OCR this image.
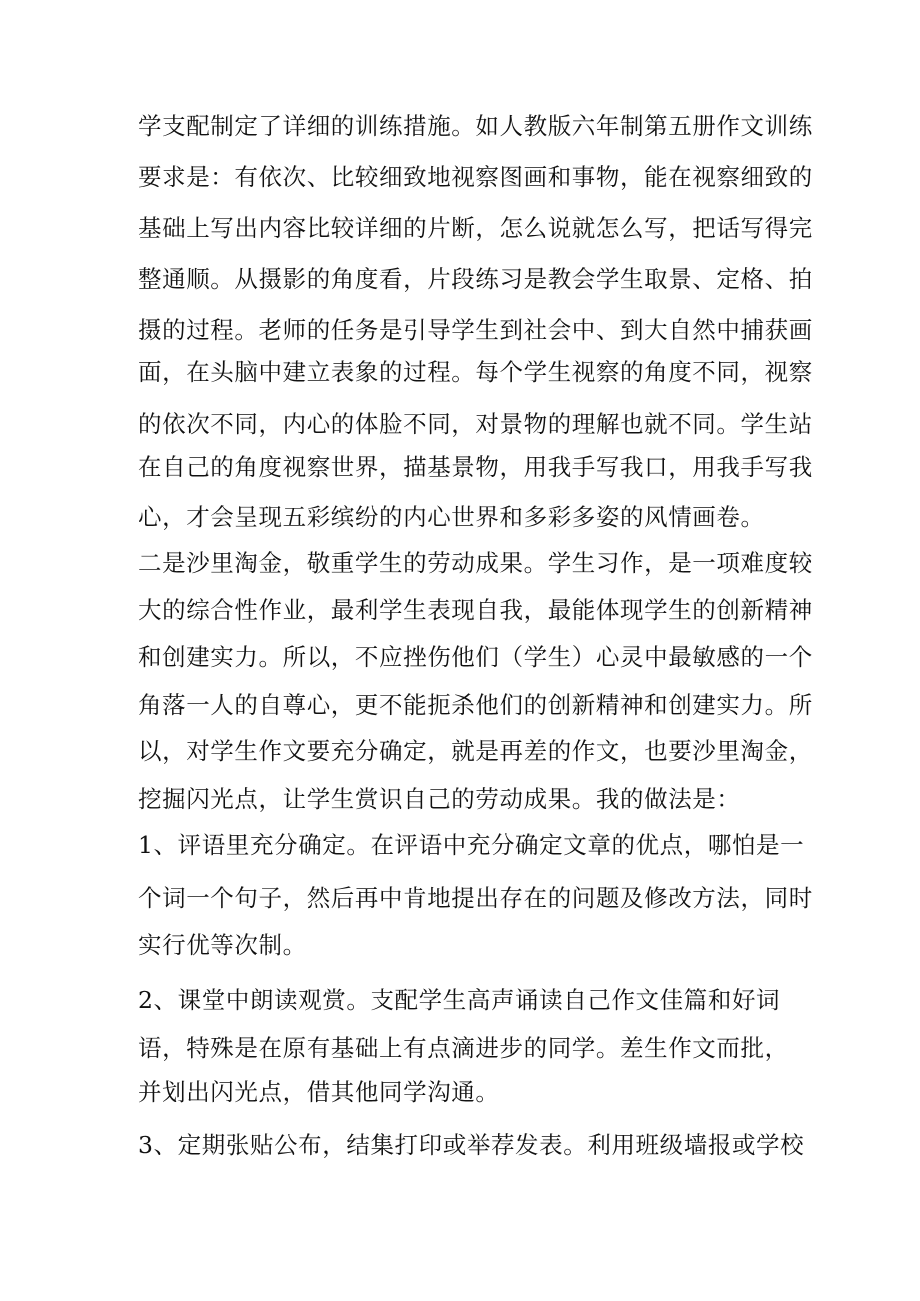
学支配制定了详细的训练措施。如人教版六年制第五册作文训练
要求是：有依次、比较细致地视察图画和事物，能在视察细致的
基础上写出内容比较详细的片断，怎么说就怎么写，把话写得完
整通顺。从摄影的角度看，片段练习是教会学生取景、定格、拍
摄的过程。老师的任务是引导学生到社会中、到大自然中捕获画
面，在头脑中建立表象的过程。每个学生视察的角度不同，视察
的依次不同，内心的体脸不同，对景物的理解也就不同。学生站
在自己的角度视察世界，描基景物，用我手写我口，用我手写我
心，才会呈现五彩缤纷的内心世界和多彩多姿的风情画卷。
二是沙里淘金，敬重学生的劳动成果。学生习作，是一项难度较
大的综合性作业，最利学生表现自我，最能体现学生的创新精神
和创建实力。所以，不应挫伤他们（学生）心灵中最敏感的一个
角落一人的自尊心，更不能扼杀他们的创新精神和创建实力。所
以，对学生作文要充分确定，就是再差的作文，也要沙里淘金，
挖掘闪光点，让学生赏识自己的劳动成果。我的做法是：
1、评语里充分确定。在评语中充分确定文章的优点，哪怕是一
个词一个句子，然后再中肯地提出存在的问题及修改方法，同时
实行优等次制。
2、课堂中朗读观赏。支配学生高声诵读自己作文佳篇和好词
语，特殊是在原有基础上有点滴进步的同学。差生作文而批，
并划出闪光点，借其他同学沟通。
3、定期张贴公布，结集打印或举荐发表。利用班级墙报或学校
